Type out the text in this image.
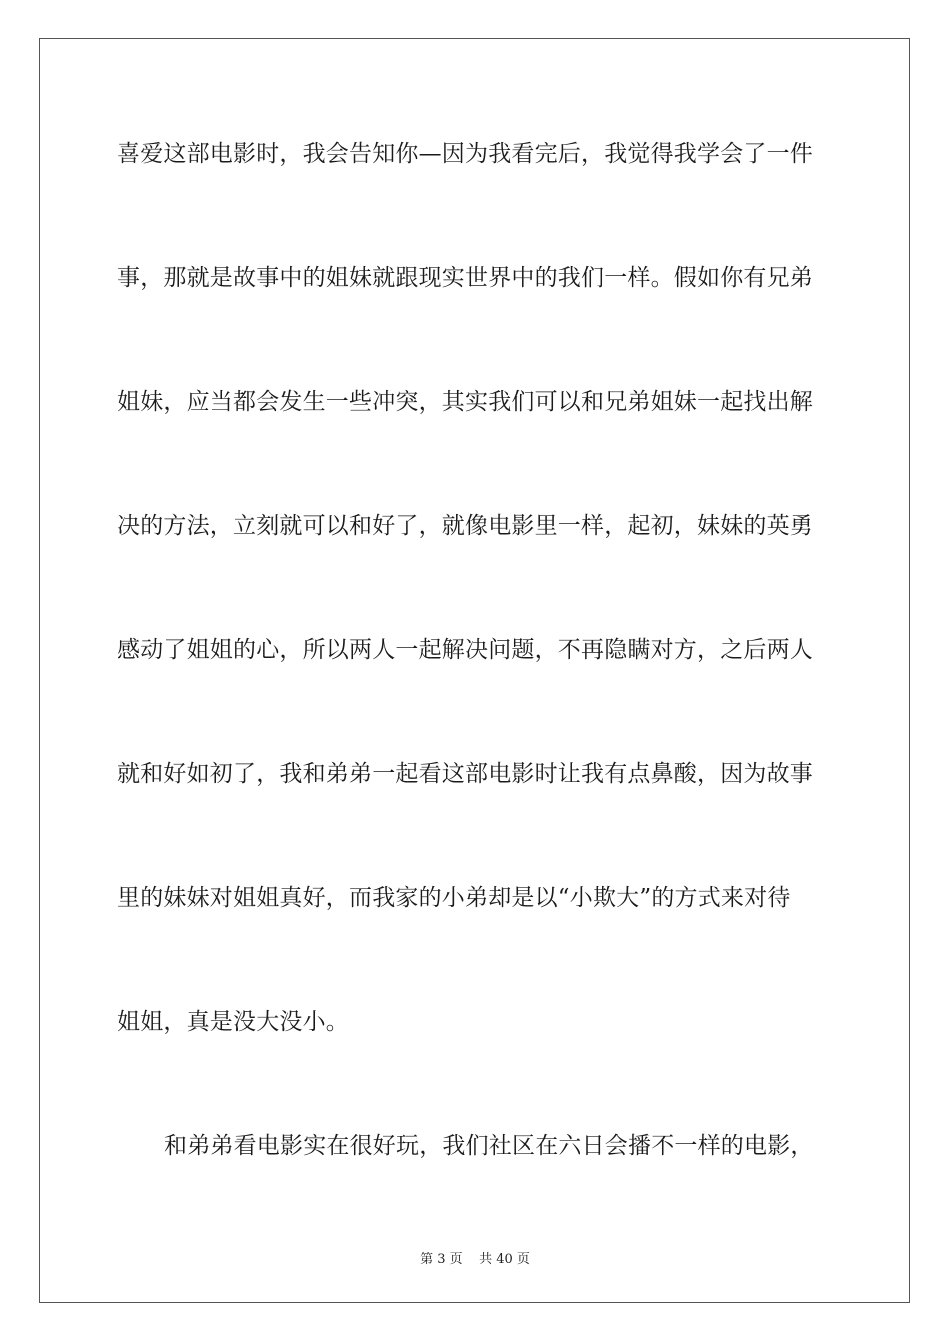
喜爱这部电影时，我会告知你—因为我看完后，我觉得我学会了一件
事，那就是故事中的姐妹就跟现实世界中的我们一样。假如你有兄弟
姐妹，应当都会发生一些冲突，其实我们可以和兄弟姐妹一起找出解
决的方法，立刻就可以和好了，就像电影里一样，起初，妹妹的英勇
感动了姐姐的心，所以两人一起解决问题，不再隐瞒对方，之后两人
就和好如初了，我和弟弟一起看这部电影时让我有点鼻酸，因为故事
里的妹妹对姐姐真好，而我家的小弟却是以“小欺大”的方式来对待
姐姐，真是没大没小。
和弟弟看电影实在很好玩，我们社区在六日会播不一样的电影，
第 3 页    共 40 页
